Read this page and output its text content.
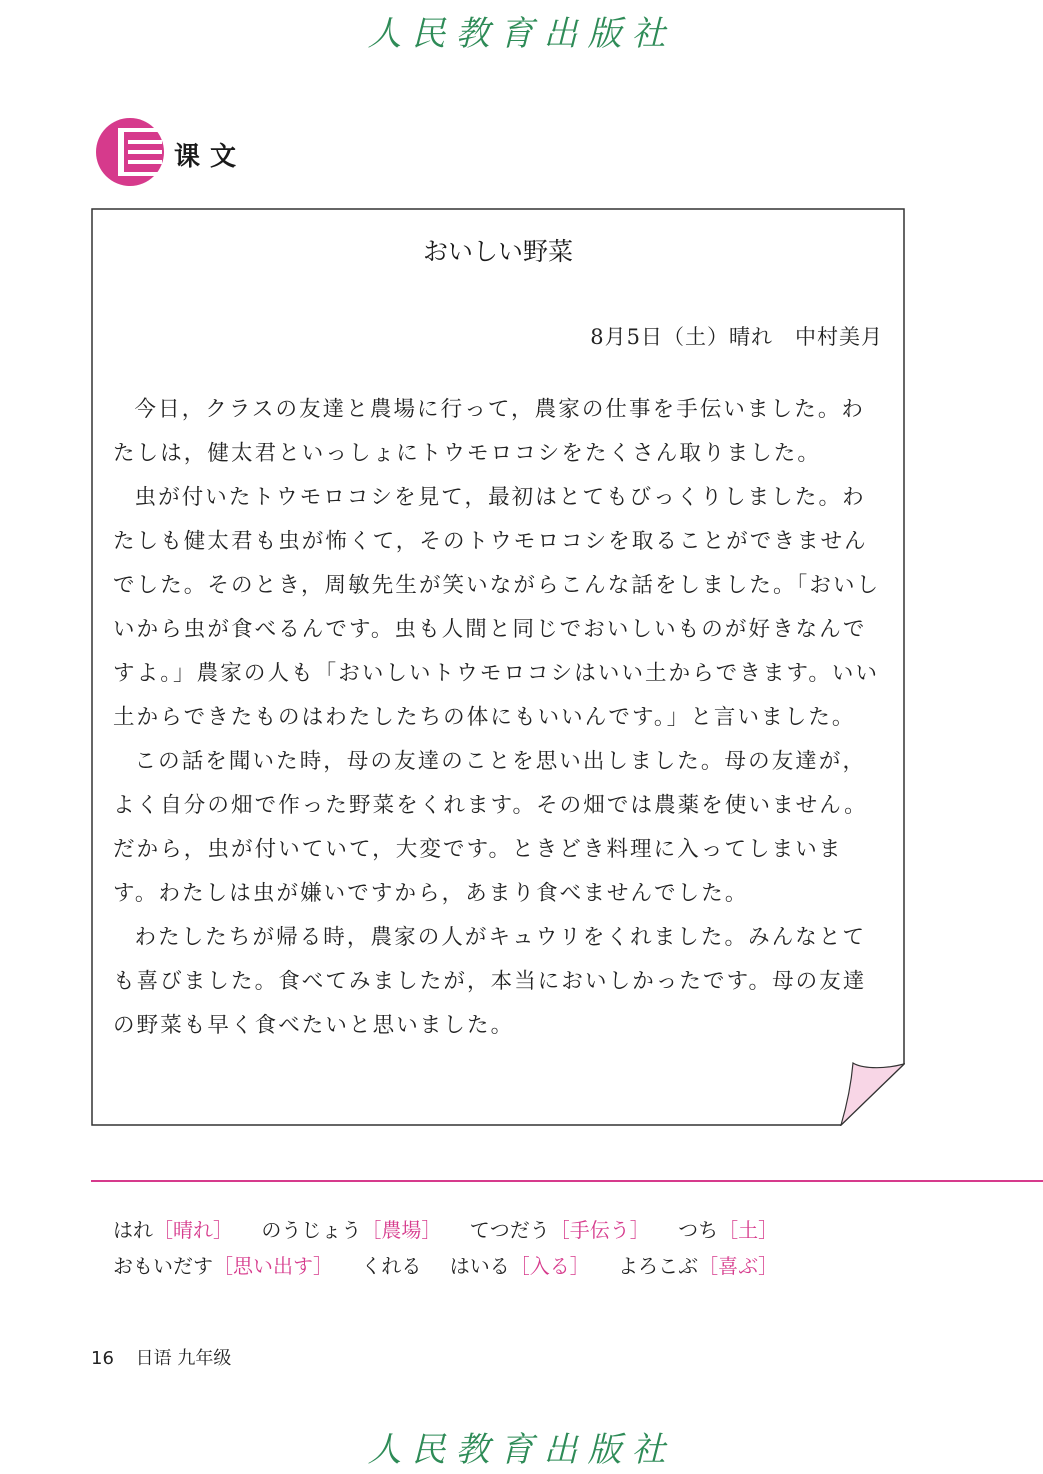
人民教育出版社
课文
おいしい野菜
8月5日（土）晴れ　中村美月

今日，クラスの友達と農場に行って，農家の仕事を手伝いました。わたしは，健太君といっしょにトウモロコシをたくさん取りました。

虫が付いたトウモロコシを見て，最初はとてもびっくりしました。わたしも健太君も虫が怖くて，そのトウモロコシを取ることができませんでした。そのとき，周敏先生が笑いながらこんな話をしました。「おいしいから虫が食べるんです。虫も人間と同じでおいしいものが好きなんですよ。」農家の人も「おいしいトウモロコシはいい土からできます。いい土からできたものはわたしたちの体にもいいんです。」と言いました。

この話を聞いた時，母の友達のことを思い出しました。母の友達が，よく自分の畑で作った野菜をくれます。その畑では農薬を使いません。だから，虫が付いていて，大変です。ときどき料理に入ってしまいます。わたしは虫が嫌いですから，あまり食べませんでした。

わたしたちが帰る時，農家の人がキュウリをくれました。みんなとても喜びました。食べてみましたが，本当においしかったです。母の友達の野菜も早く食べたいと思いました。

はれ［晴れ］ のうじょう［農場］ てつだう［手伝う］ つち［土］
おもいだす［思い出す］ くれる はいる［入る］ よろこぶ［喜ぶ］
16 日语 九年级
人民教育出版社
